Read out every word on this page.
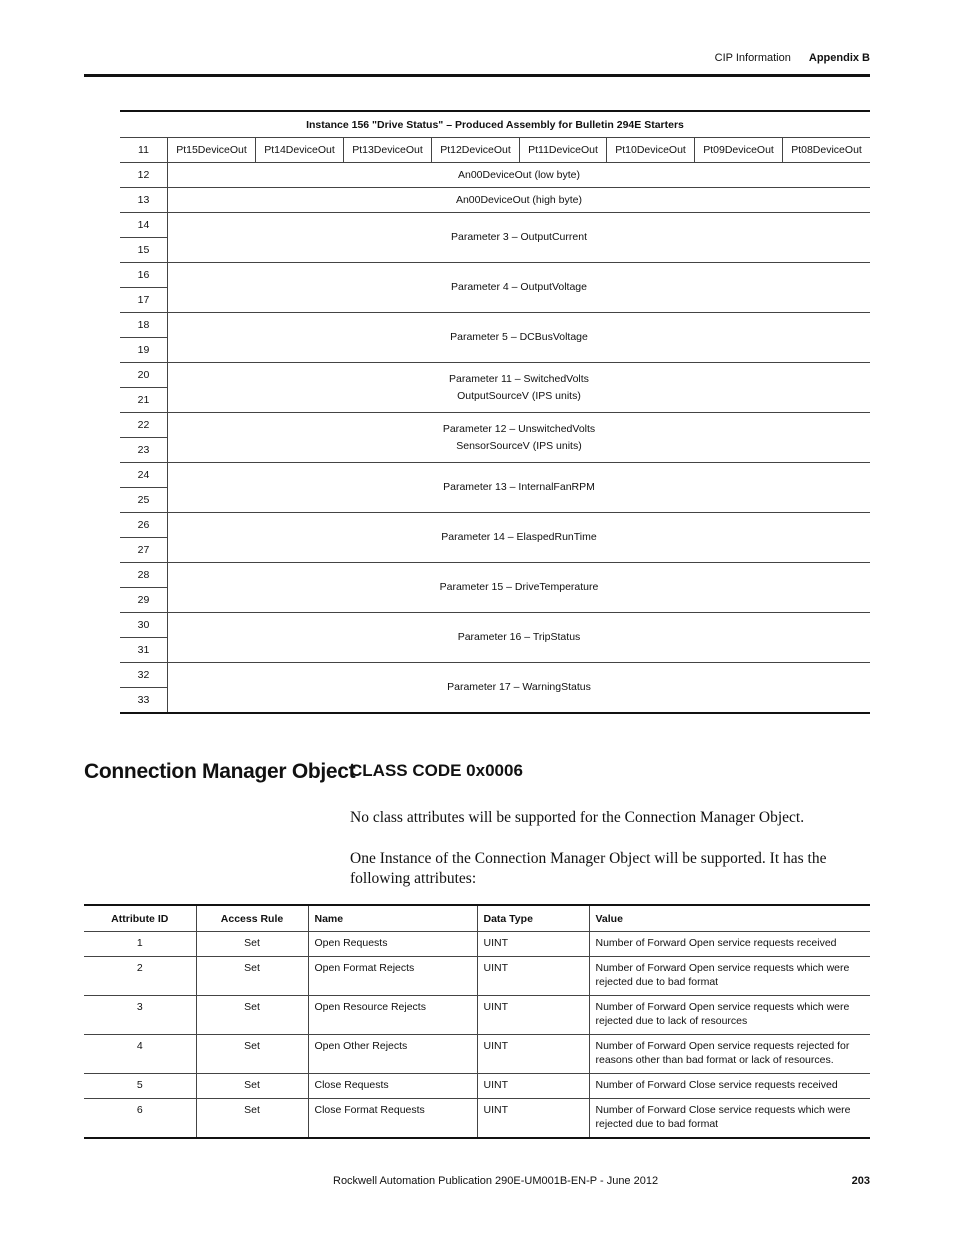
CIP Information Appendix B
Instance 156 "Drive Status" – Produced Assembly for Bulletin 294E Starters								
11	Pt15DeviceOut	Pt14DeviceOut	Pt13DeviceOut	Pt12DeviceOut	Pt11DeviceOut	Pt10DeviceOut	Pt09DeviceOut	Pt08DeviceOut
12	An00DeviceOut (low byte)							
13	An00DeviceOut (high byte)							
14	Parameter 3 – OutputCurrent							

15								
16	Parameter 4 – OutputVoltage							

17								
18	Parameter 5 – DCBusVoltage							

19								
20	Parameter 11 – SwitchedVolts
OutputSourceV (IPS units)							

21								
22	Parameter 12 – UnswitchedVolts
SensorSourceV (IPS units)							

23								
24	Parameter 13 – InternalFanRPM							

25								
26	Parameter 14 – ElaspedRunTime							

27								
28	Parameter 15 – DriveTemperature							

29								
30	Parameter 16 – TripStatus							

31								
32	Parameter 17 – WarningStatus							

33								
Connection Manager Object
CLASS CODE 0x0006

No class attributes will be supported for the Connection Manager Object.

One Instance of the Connection Manager Object will be supported. It has the following attributes:

Attribute ID	Access Rule	Name	Data Type	Value
1	Set	Open Requests	UINT	Number of Forward Open service requests received
2	Set	Open Format Rejects	UINT	Number of Forward Open service requests which were rejected due to bad format
3	Set	Open Resource Rejects	UINT	Number of Forward Open service requests which were rejected due to lack of resources
4	Set	Open Other Rejects	UINT	Number of Forward Open service requests rejected for reasons other than bad format or lack of resources.
5	Set	Close Requests	UINT	Number of Forward Close service requests received
6	Set	Close Format Requests	UINT	Number of Forward Close service requests which were rejected due to bad format
Rockwell Automation Publication 290E-UM001B-EN-P - June 2012	203
